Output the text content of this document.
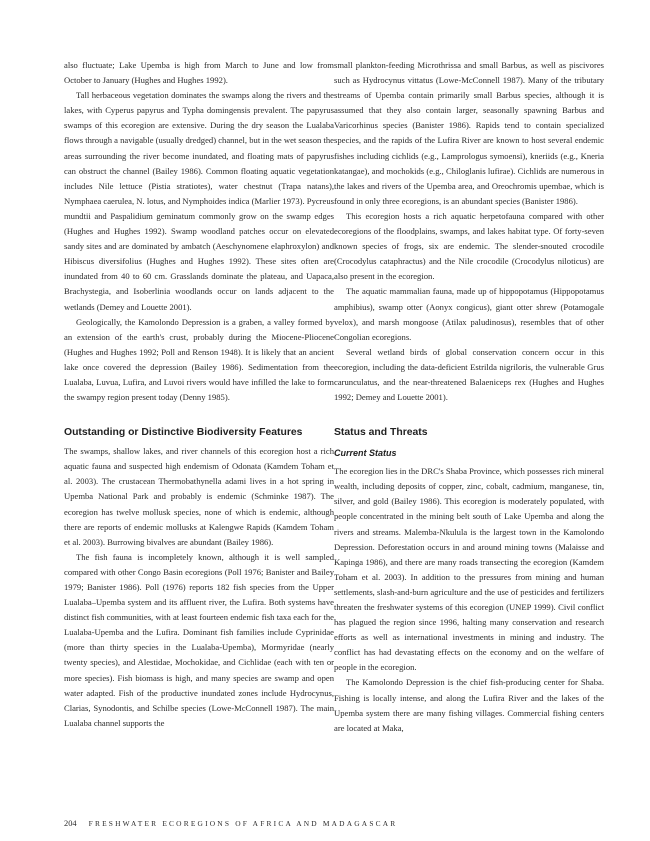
also fluctuate; Lake Upemba is high from March to June and low from October to January (Hughes and Hughes 1992).

Tall herbaceous vegetation dominates the swamps along the rivers and the lakes, with Cyperus papyrus and Typha domingensis prevalent. The papyrus swamps of this ecoregion are extensive. During the dry season the Lualaba flows through a navigable (usually dredged) channel, but in the wet season the areas surrounding the river become inundated, and floating mats of papyrus can obstruct the channel (Bailey 1986). Common floating aquatic vegetation includes Nile lettuce (Pistia stratiotes), water chestnut (Trapa natans), Nymphaea caerulea, N. lotus, and Nymphoides indica (Marlier 1973). Pycreus mundtii and Paspalidium geminatum commonly grow on the swamp edges (Hughes and Hughes 1992). Swamp woodland patches occur on elevated sandy sites and are dominated by ambatch (Aeschynomene elaphroxylon) and Hibiscus diversifolius (Hughes and Hughes 1992). These sites often are inundated from 40 to 60 cm. Grasslands dominate the plateau, and Uapaca, Brachystegia, and Isoberlinia woodlands occur on lands adjacent to the wetlands (Demey and Louette 2001).

Geologically, the Kamolondo Depression is a graben, a valley formed by an extension of the earth's crust, probably during the Miocene-Pliocene (Hughes and Hughes 1992; Poll and Renson 1948). It is likely that an ancient lake once covered the depression (Bailey 1986). Sedimentation from the Lualaba, Luvua, Lufira, and Luvoi rivers would have infilled the lake to form the swampy region present today (Denny 1985).

Outstanding or Distinctive Biodiversity Features

The swamps, shallow lakes, and river channels of this ecoregion host a rich aquatic fauna and suspected high endemism of Odonata (Kamdem Toham et al. 2003). The crustacean Thermobathynella adami lives in a hot spring in Upemba National Park and probably is endemic (Schminke 1987). The ecoregion has twelve mollusk species, none of which is endemic, although there are reports of endemic mollusks at Kalengwe Rapids (Kamdem Toham et al. 2003). Burrowing bivalves are abundant (Bailey 1986).

The fish fauna is incompletely known, although it is well sampled compared with other Congo Basin ecoregions (Poll 1976; Banister and Bailey 1979; Banister 1986). Poll (1976) reports 182 fish species from the Upper Lualaba–Upemba system and its affluent river, the Lufira. Both systems have distinct fish communities, with at least fourteen endemic fish taxa each for the Lualaba-Upemba and the Lufira. Dominant fish families include Cyprinidae (more than thirty species in the Lualaba-Upemba), Mormyridae (nearly twenty species), and Alestidae, Mochokidae, and Cichlidae (each with ten or more species). Fish biomass is high, and many species are swamp and open water adapted. Fish of the productive inundated zones include Hydrocynus, Clarias, Synodontis, and Schilbe species (Lowe-McConnell 1987). The main Lualaba channel supports the

small plankton-feeding Microthrissa and small Barbus, as well as piscivores such as Hydrocynus vittatus (Lowe-McConnell 1987). Many of the tributary streams of Upemba contain primarily small Barbus species, although it is assumed that they also contain larger, seasonally spawning Barbus and Varicorhinus species (Banister 1986). Rapids tend to contain specialized species, and the rapids of the Lufira River are known to host several endemic fishes including cichlids (e.g., Lamprologus symoensi), kneriids (e.g., Kneria katangae), and mochokids (e.g., Chiloglanis lufirae). Cichlids are numerous in the lakes and rivers of the Upemba area, and Oreochromis upembae, which is found in only three ecoregions, is an abundant species (Banister 1986).

This ecoregion hosts a rich aquatic herpetofauna compared with other ecoregions of the floodplains, swamps, and lakes habitat type. Of forty-seven known species of frogs, six are endemic. The slender-snouted crocodile (Crocodylus cataphractus) and the Nile crocodile (Crocodylus niloticus) are also present in the ecoregion.

The aquatic mammalian fauna, made up of hippopotamus (Hippopotamus amphibius), swamp otter (Aonyx congicus), giant otter shrew (Potamogale velox), and marsh mongoose (Atilax paludinosus), resembles that of other Congolian ecoregions.

Several wetland birds of global conservation concern occur in this ecoregion, including the data-deficient Estrilda nigriloris, the vulnerable Grus carunculatus, and the near-threatened Balaeniceps rex (Hughes and Hughes 1992; Demey and Louette 2001).

Status and Threats
Current Status

The ecoregion lies in the DRC's Shaba Province, which possesses rich mineral wealth, including deposits of copper, zinc, cobalt, cadmium, manganese, tin, silver, and gold (Bailey 1986). This ecoregion is moderately populated, with people concentrated in the mining belt south of Lake Upemba and along the rivers and streams. Malemba-Nkulula is the largest town in the Kamolondo Depression. Deforestation occurs in and around mining towns (Malaisse and Kapinga 1986), and there are many roads transecting the ecoregion (Kamdem Toham et al. 2003). In addition to the pressures from mining and human settlements, slash-and-burn agriculture and the use of pesticides and fertilizers threaten the freshwater systems of this ecoregion (UNEP 1999). Civil conflict has plagued the region since 1996, halting many conservation and research efforts as well as international investments in mining and industry. The conflict has had devastating effects on the economy and on the welfare of people in the ecoregion.

The Kamolondo Depression is the chief fish-producing center for Shaba. Fishing is locally intense, and along the Lufira River and the lakes of the Upemba system there are many fishing villages. Commercial fishing centers are located at Maka,

204 FRESHWATER ECOREGIONS OF AFRICA AND MADAGASCAR
